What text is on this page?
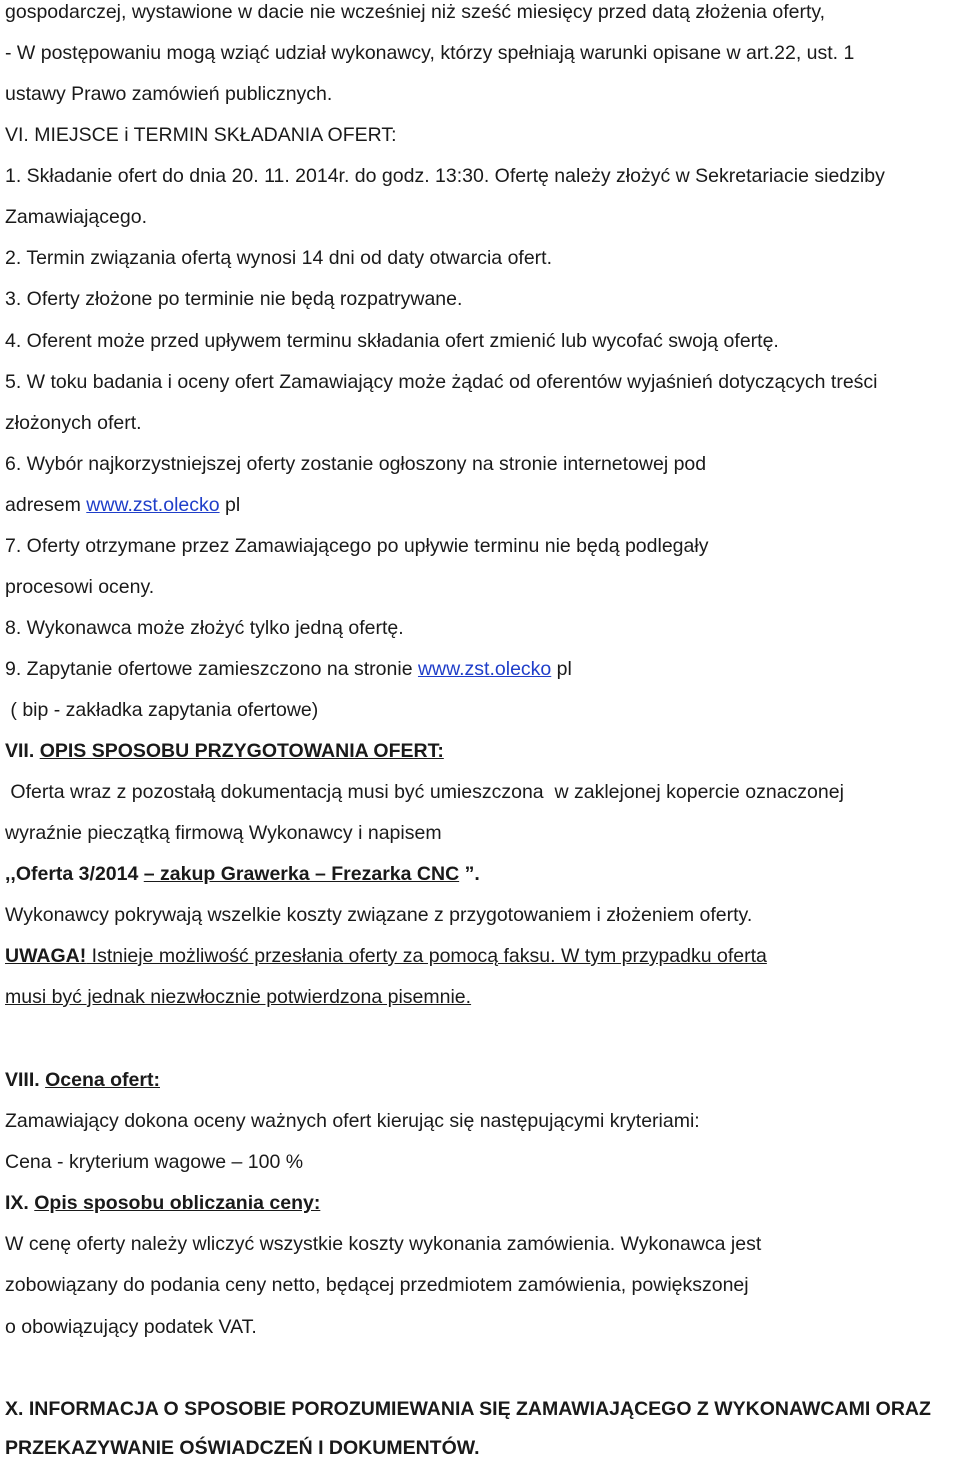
gospodarczej, wystawione w dacie nie wcześniej niż sześć miesięcy przed datą złożenia oferty,
- W postępowaniu mogą wziąć udział wykonawcy, którzy spełniają warunki opisane w art.22, ust. 1
ustawy Prawo zamówień publicznych.
VI. MIEJSCE i TERMIN SKŁADANIA OFERT:
1. Składanie ofert do dnia 20. 11. 2014r. do godz. 13:30. Ofertę należy złożyć w Sekretariacie siedziby
Zamawiającego.
2. Termin związania ofertą wynosi 14 dni od daty otwarcia ofert.
3. Oferty złożone po terminie nie będą rozpatrywane.
4. Oferent może przed upływem terminu składania ofert zmienić lub wycofać swoją ofertę.
5. W toku badania i oceny ofert Zamawiający może żądać od oferentów wyjaśnień dotyczących treści
złożonych ofert.
6. Wybór najkorzystniejszej oferty zostanie ogłoszony na stronie internetowej pod
adresem www.zst.olecko pl
7. Oferty otrzymane przez Zamawiającego po upływie terminu nie będą podlegały
procesowi oceny.
8. Wykonawca może złożyć tylko jedną ofertę.
9. Zapytanie ofertowe zamieszczono na stronie www.zst.olecko pl
( bip - zakładka zapytania ofertowe)
VII. OPIS SPOSOBU PRZYGOTOWANIA OFERT:
Oferta wraz z pozostałą dokumentacją musi być umieszczona  w zaklejonej kopercie oznaczonej
wyraźnie pieczątką firmową Wykonawcy i napisem
,,Oferta 3/2014 – zakup Grawerka – Frezarka CNC ”.
Wykonawcy pokrywają wszelkie koszty związane z przygotowaniem i złożeniem oferty.
UWAGA! Istnieje możliwość przesłania oferty za pomocą faksu. W tym przypadku oferta
musi być jednak niezwłocznie potwierdzona pisemnie.
VIII. Ocena ofert:
Zamawiający dokona oceny ważnych ofert kierując się następującymi kryteriami:
Cena - kryterium wagowe – 100 %
IX. Opis sposobu obliczania ceny:
W cenę oferty należy wliczyć wszystkie koszty wykonania zamówienia. Wykonawca jest
zobowiązany do podania ceny netto, będącej przedmiotem zamówienia, powiększonej
o obowiązujący podatek VAT.
X. INFORMACJA O SPOSOBIE POROZUMIEWANIA SIĘ ZAMAWIAJĄCEGO Z WYKONAWCAMI ORAZ
PRZEKAZYWANIE OŚWIADCZEŃ I DOKUMENTÓW.
